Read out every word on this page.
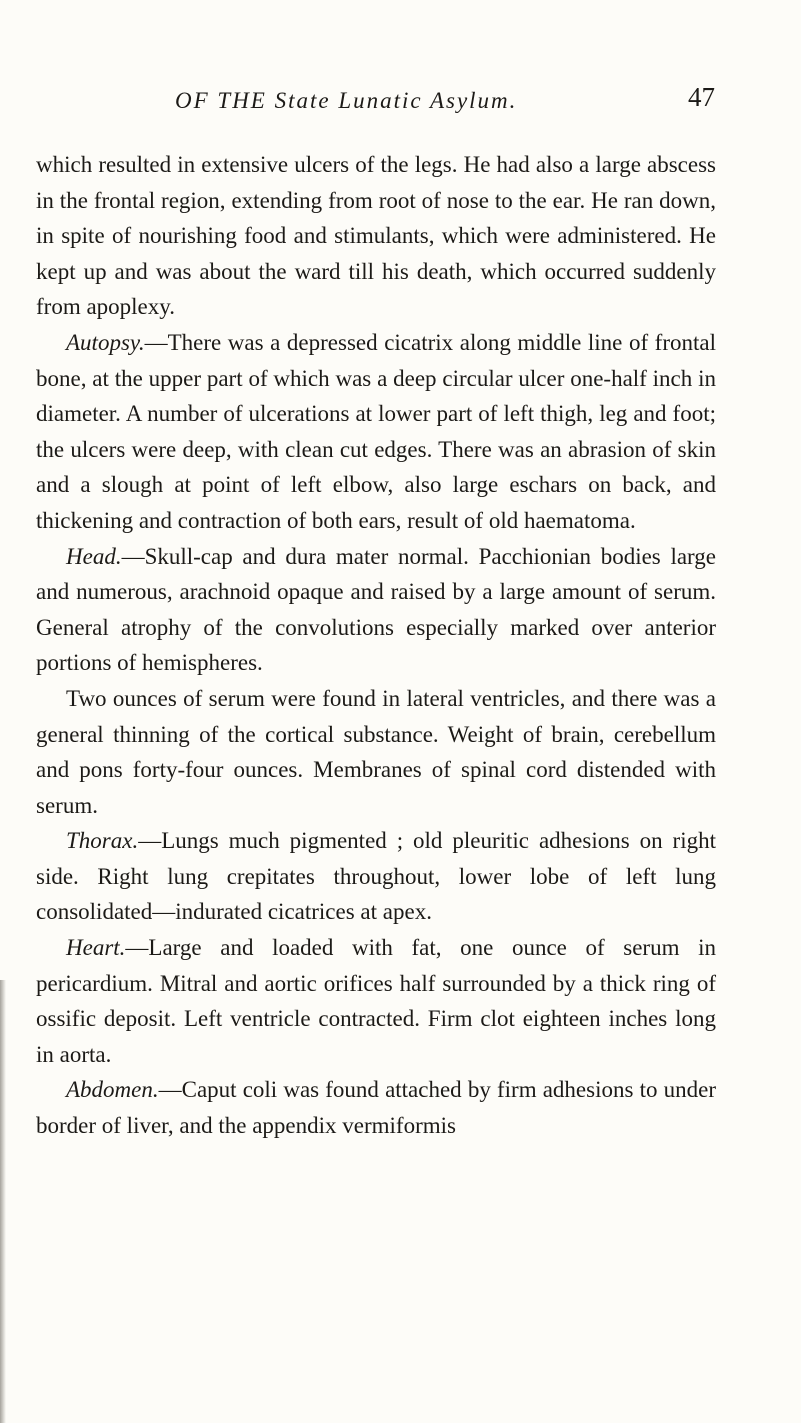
OF THE State Lunatic Asylum.	47

which resulted in extensive ulcers of the legs. He had also a large abscess in the frontal region, extending from root of nose to the ear. He ran down, in spite of nourishing food and stimulants, which were administered. He kept up and was about the ward till his death, which occurred suddenly from apoplexy.

Autopsy.—There was a depressed cicatrix along middle line of frontal bone, at the upper part of which was a deep circular ulcer one-half inch in diameter. A number of ulcerations at lower part of left thigh, leg and foot; the ulcers were deep, with clean cut edges. There was an abrasion of skin and a slough at point of left elbow, also large eschars on back, and thickening and contraction of both ears, result of old haematoma.

Head.—Skull-cap and dura mater normal. Pacchionian bodies large and numerous, arachnoid opaque and raised by a large amount of serum. General atrophy of the convolutions especially marked over anterior portions of hemispheres.

Two ounces of serum were found in lateral ventricles, and there was a general thinning of the cortical substance. Weight of brain, cerebellum and pons forty-four ounces. Membranes of spinal cord distended with serum.

Thorax.—Lungs much pigmented ; old pleuritic adhesions on right side. Right lung crepitates throughout, lower lobe of left lung consolidated—indurated cicatrices at apex.

Heart.—Large and loaded with fat, one ounce of serum in pericardium. Mitral and aortic orifices half surrounded by a thick ring of ossific deposit. Left ventricle contracted. Firm clot eighteen inches long in aorta.

Abdomen.—Caput coli was found attached by firm adhesions to under border of liver, and the appendix vermiformis
